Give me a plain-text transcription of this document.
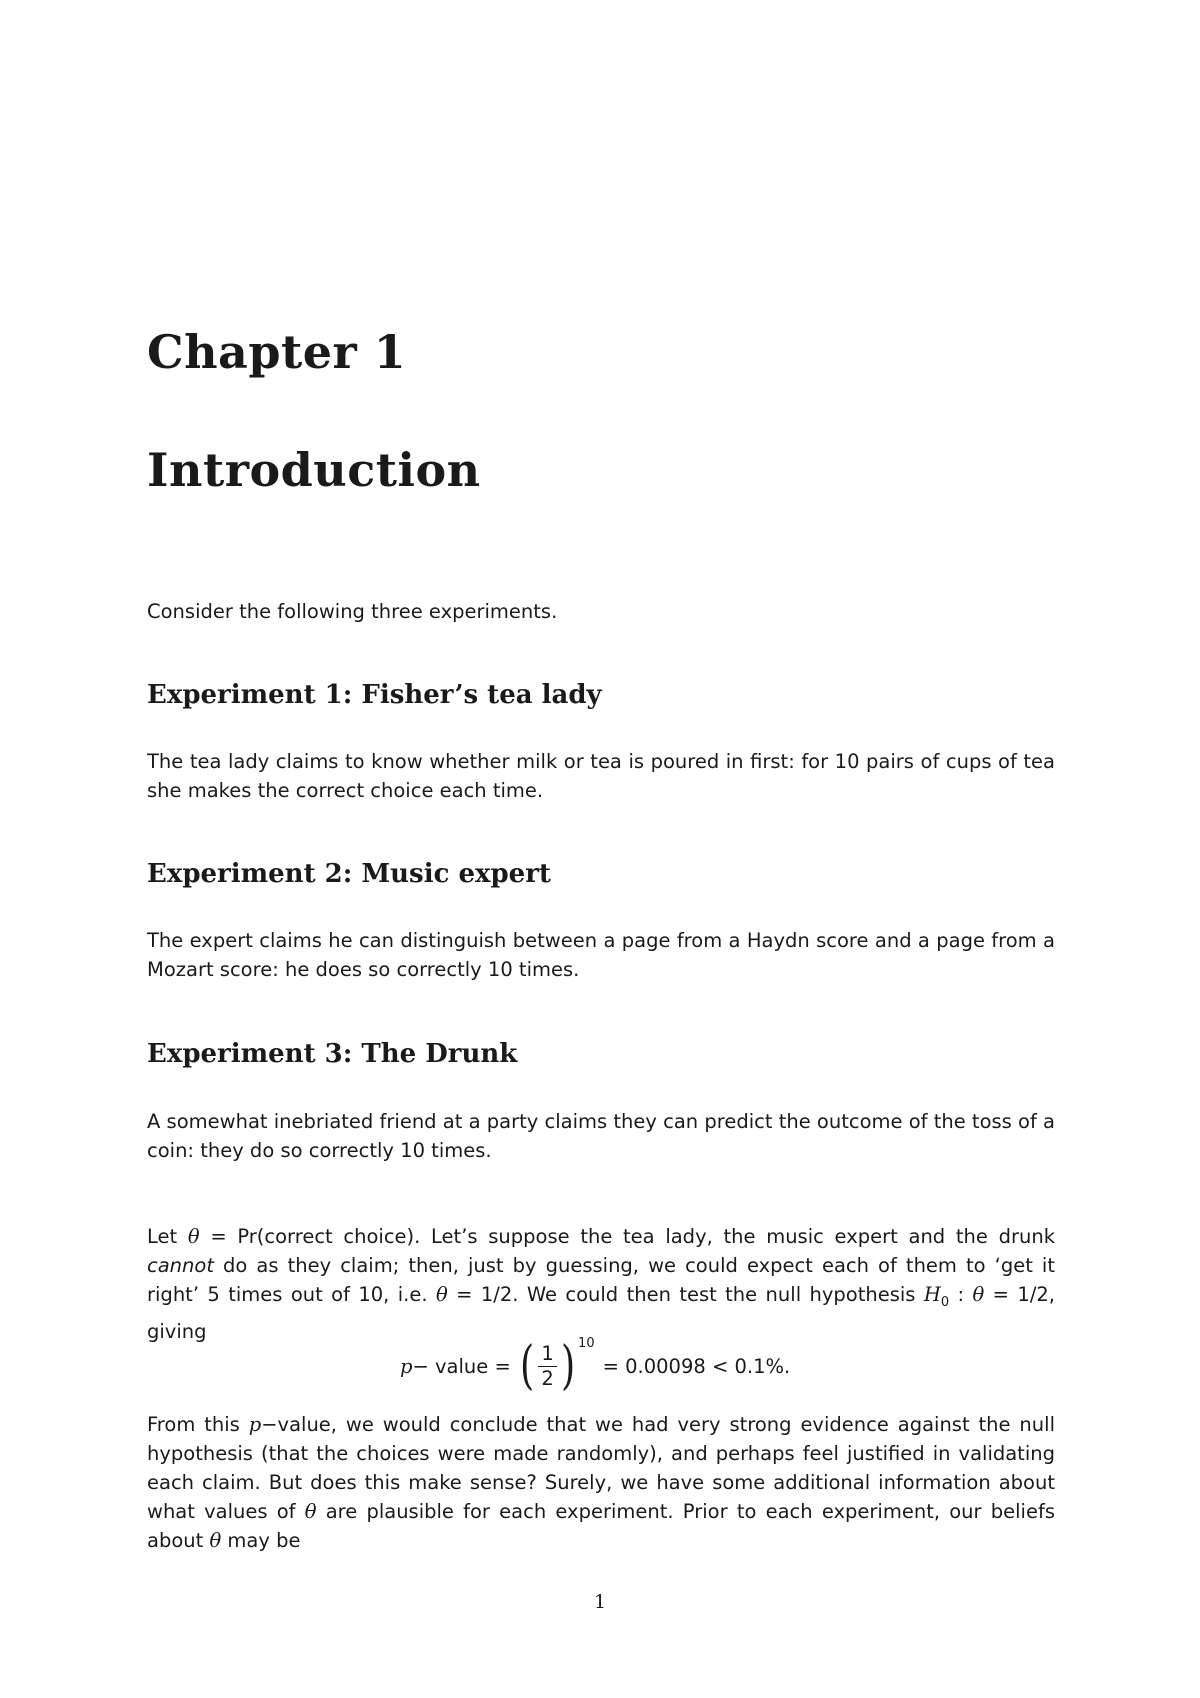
Chapter 1
Introduction

Consider the following three experiments.

Experiment 1: Fisher’s tea lady

The tea lady claims to know whether milk or tea is poured in first: for 10 pairs of cups of tea she makes the correct choice each time.

Experiment 2: Music expert

The expert claims he can distinguish between a page from a Haydn score and a page from a Mozart score: he does so correctly 10 times.

Experiment 3: The Drunk

A somewhat inebriated friend at a party claims they can predict the outcome of the toss of a coin: they do so correctly 10 times.

Let θ = Pr(correct choice). Let’s suppose the tea lady, the music expert and the drunk cannot do as they claim; then, just by guessing, we could expect each of them to ‘get it right’ 5 times out of 10, i.e. θ = 1/2. We could then test the null hypothesis $H_0$ : θ = 1/2, giving

p − value = ( $\frac{1}{2}$ ) 10
= 0.00098 < 0.1%.

From this p−value, we would conclude that we had very strong evidence against the null hypothesis (that the choices were made randomly), and perhaps feel justified in validating each claim. But does this make sense? Surely, we have some additional information about what values of θ are plausible for each experiment. Prior to each experiment, our beliefs about θ may be

1
